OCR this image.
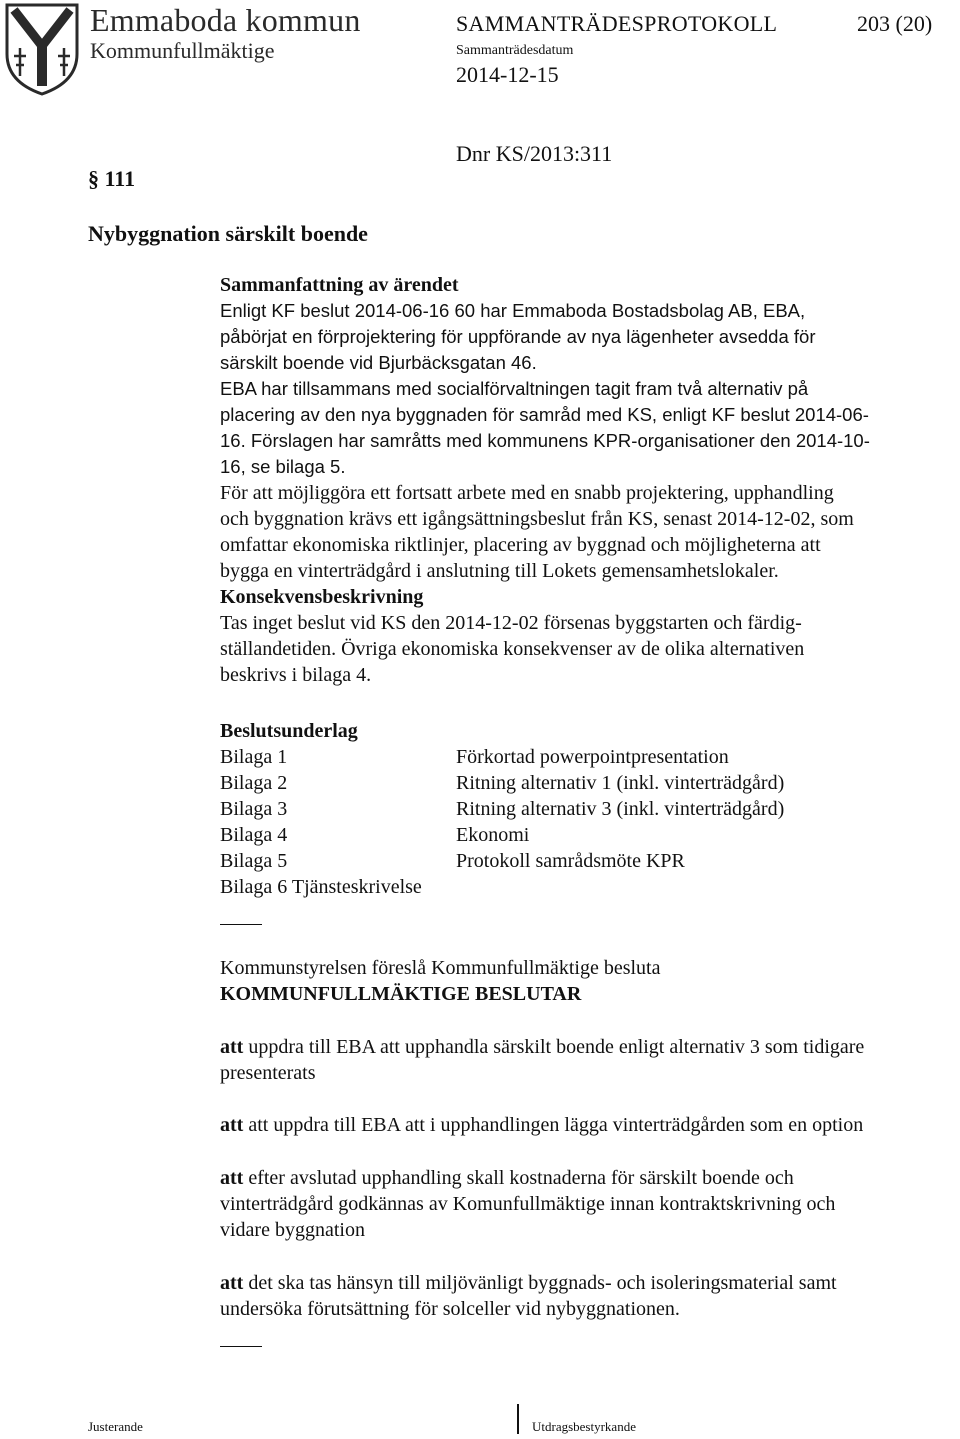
Emmaboda kommun
Kommunfullmäktige
SAMMANTRÄDESPROTOKOLL	203 (20)
Sammanträdesdatum
2014-12-15
Dnr KS/2013:311
§ 111
Nybyggnation särskilt boende
Sammanfattning av ärendet
Enligt KF beslut 2014-06-16 60 har Emmaboda Bostadsbolag AB, EBA,
påbörjat en förprojektering för uppförande av nya lägenheter avsedda för
särskilt boende vid Bjurbäcksgatan 46.
EBA har tillsammans med socialförvaltningen tagit fram två alternativ på
placering av den nya byggnaden för samråd med KS, enligt KF beslut 2014-06-
16. Förslagen har samråtts med kommunens KPR-organisationer den 2014-10-
16, se bilaga 5.
För att möjliggöra ett fortsatt arbete med en snabb projektering, upphandling
och byggnation krävs ett igångsättningsbeslut från KS, senast 2014-12-02, som
omfattar ekonomiska riktlinjer, placering av byggnad och möjligheterna att
bygga en vinterträdgård i anslutning till Lokets gemensamhetslokaler.
Konsekvensbeskrivning
Tas inget beslut vid KS den 2014-12-02 försenas byggstarten och färdig-
ställandetiden. Övriga ekonomiska konsekvenser av de olika alternativen
beskrivs i bilaga 4.
Beslutsunderlag
Bilaga 1	Förkortad powerpointpresentation
Bilaga 2	Ritning alternativ 1 (inkl. vinterträdgård)
Bilaga 3	Ritning alternativ 3 (inkl. vinterträdgård)
Bilaga 4	Ekonomi
Bilaga 5	Protokoll samrådsmöte KPR
Bilaga 6 Tjänsteskrivelse
Kommunstyrelsen föreslå Kommunfullmäktige besluta
KOMMUNFULLMÄKTIGE BESLUTAR
att uppdra till EBA att upphandla särskilt boende enligt alternativ 3 som tidigare
presenterats
att att uppdra till EBA att i upphandlingen lägga vinterträdgården som en option
att efter avslutad upphandling skall kostnaderna för särskilt boende och
vinterträdgård godkännas av Komunfullmäktige innan kontraktskrivning och
vidare byggnation
att det ska tas hänsyn till miljövänligt byggnads- och isoleringsmaterial samt
undersöka förutsättning för solceller vid nybyggnationen.
Justerande	Utdragsbestyrkande
